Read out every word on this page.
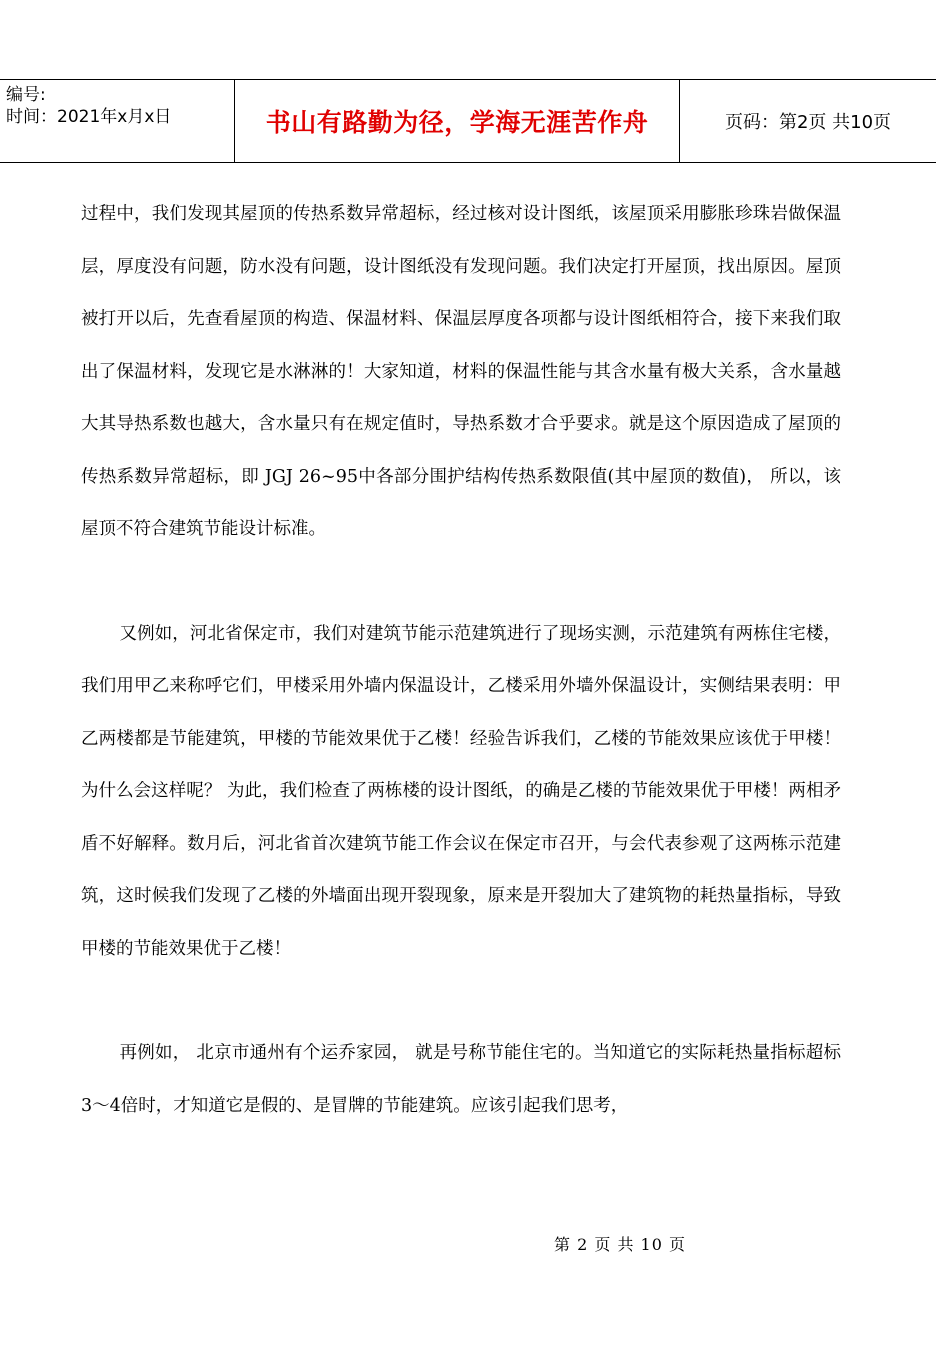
编号:
时间：2021年x月x日	书山有路勤为径，学海无涯苦作舟	页码：第2页 共10页

过程中，我们发现其屋顶的传热系数异常超标，经过核对设计图纸，该屋顶采用膨胀珍珠岩做保温层，厚度没有问题，防水没有问题，设计图纸没有发现问题。我们决定打开屋顶，找出原因。屋顶被打开以后，先查看屋顶的构造、保温材料、保温层厚度各项都与设计图纸相符合，接下来我们取出了保温材料，发现它是水淋淋的！大家知道，材料的保温性能与其含水量有极大关系，含水量越大其导热系数也越大，含水量只有在规定值时，导热系数才合乎要求。就是这个原因造成了屋顶的传热系数异常超标，即 JGJ 26~95中各部分围护结构传热系数限值(其中屋顶的数值)， 所以，该屋顶不符合建筑节能设计标准。

又例如，河北省保定市，我们对建筑节能示范建筑进行了现场实测，示范建筑有两栋住宅楼，我们用甲乙来称呼它们，甲楼采用外墙内保温设计，乙楼采用外墙外保温设计，实侧结果表明：甲乙两楼都是节能建筑，甲楼的节能效果优于乙楼！经验告诉我们，乙楼的节能效果应该优于甲楼！为什么会这样呢？ 为此，我们检查了两栋楼的设计图纸，的确是乙楼的节能效果优于甲楼！两相矛盾不好解释。数月后，河北省首次建筑节能工作会议在保定市召开，与会代表参观了这两栋示范建筑，这时候我们发现了乙楼的外墙面出现开裂现象，原来是开裂加大了建筑物的耗热量指标，导致甲楼的节能效果优于乙楼！

再例如， 北京市通州有个运乔家园， 就是号称节能住宅的。当知道它的实际耗热量指标超标3～4倍时，才知道它是假的、是冒牌的节能建筑。应该引起我们思考，

第 2 页 共 10 页
